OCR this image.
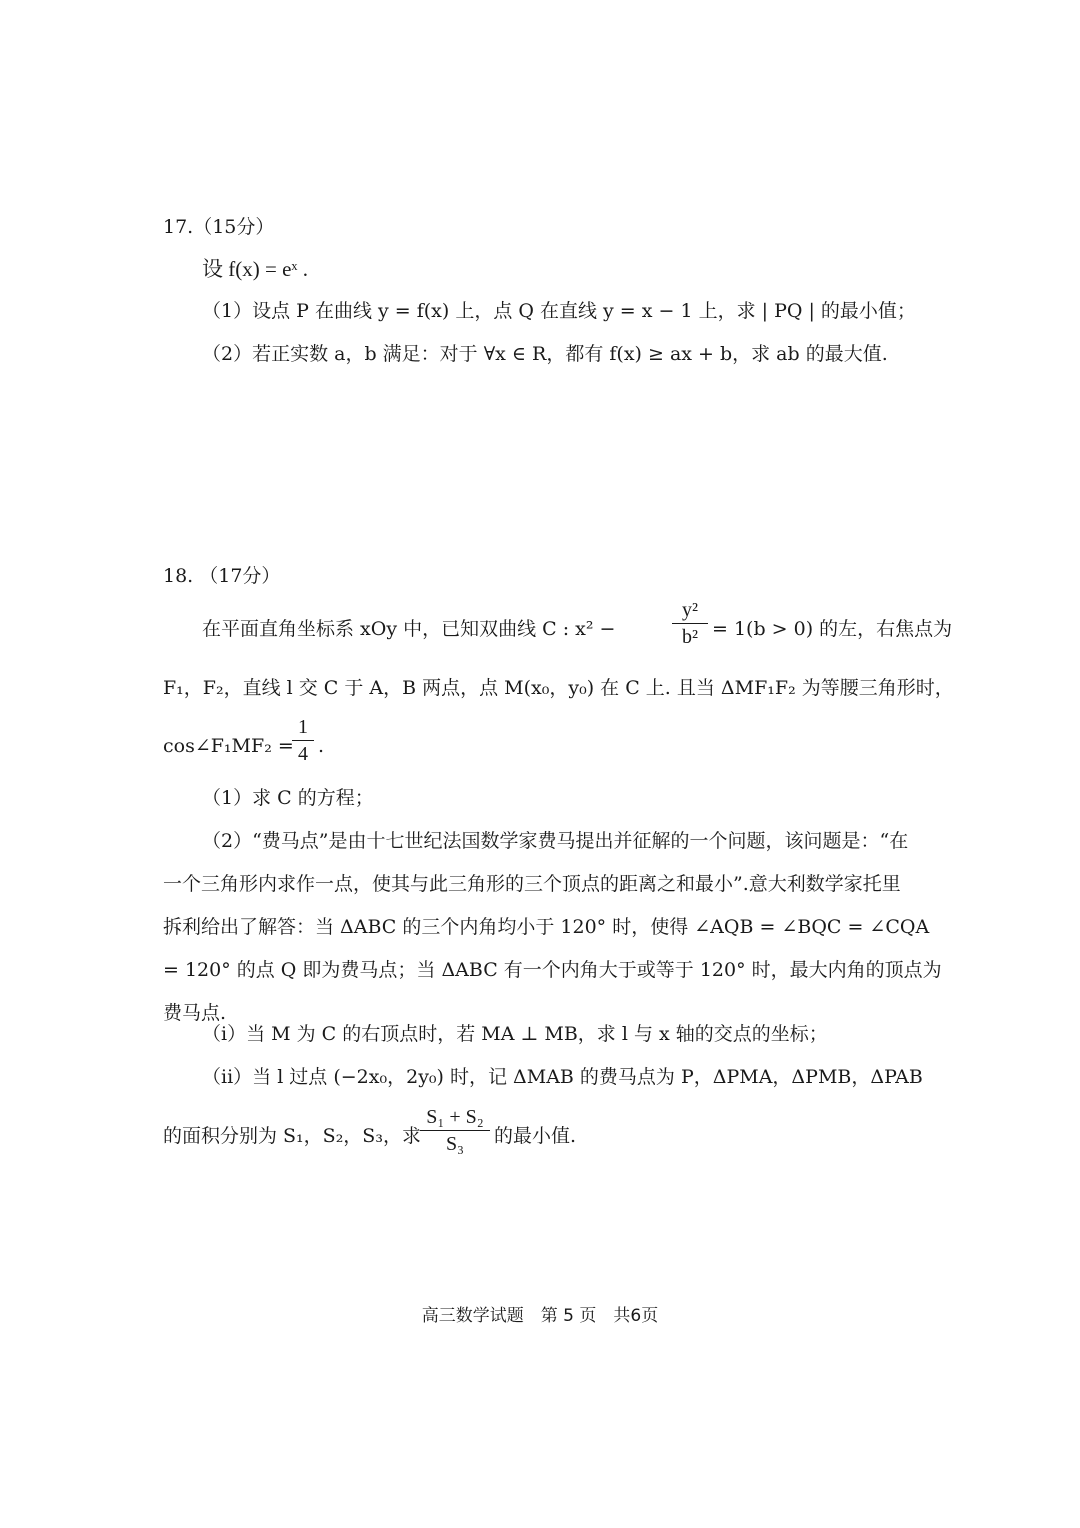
17.（15分）
设 f(x) = eˣ .
（1）设点 P 在曲线 y = f(x) 上，点 Q 在直线 y = x − 1 上，求 | PQ | 的最小值；
（2）若正实数 a，b 满足：对于 ∀x ∈ R，都有 f(x) ≥ ax + b，求 ab 的最大值.
18. （17分）
在平面直角坐标系 xOy 中，已知双曲线 C : x² −
y²
b² = 1(b > 0) 的左，右焦点为
F₁，F₂，直线 l 交 C 于 A，B 两点，点 M(x₀，y₀) 在 C 上. 且当 ΔMF₁F₂ 为等腰三角形时，
cos∠F₁MF₂ =
1
4 .
（1）求 C 的方程；
（2）“费马点”是由十七世纪法国数学家费马提出并征解的一个问题，该问题是：“在
一个三角形内求作一点，使其与此三角形的三个顶点的距离之和最小”.意大利数学家托里
拆利给出了解答：当 ΔABC 的三个内角均小于 120° 时，使得 ∠AQB = ∠BQC = ∠CQA
= 120° 的点 Q 即为费马点；当 ΔABC 有一个内角大于或等于 120° 时，最大内角的顶点为
费马点.
（i）当 M 为 C 的右顶点时，若 MA ⊥ MB，求 l 与 x 轴的交点的坐标；
（ii）当 l 过点 (−2x₀，2y₀) 时，记 ΔMAB 的费马点为 P，ΔPMA，ΔPMB，ΔPAB
的面积分别为 S₁，S₂，S₃，求
S₁ + S₂
S₃	的最小值.
高三数学试题　第 5 页　共6页
